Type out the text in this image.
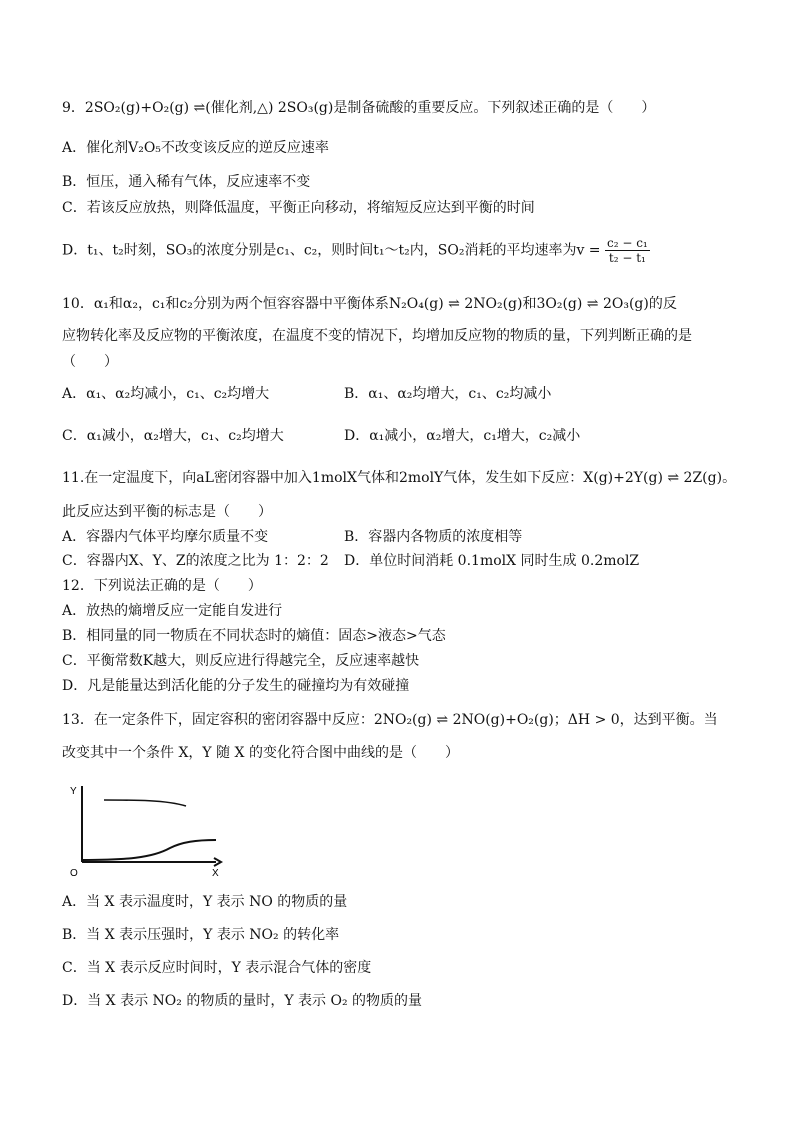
9．2SO₂(g)+O₂(g) ⇌(催化剂,△) 2SO₃(g)是制备硫酸的重要反应。下列叙述正确的是（　　）
A．催化剂V₂O₅不改变该反应的逆反应速率
B．恒压，通入稀有气体，反应速率不变
C．若该反应放热，则降低温度，平衡正向移动，将缩短反应达到平衡的时间
D．t₁、t₂时刻，SO₃的浓度分别是c₁、c₂，则时间t₁～t₂内，SO₂消耗的平均速率为$v = \frac{\text{c₂ − c₁}}{\text{t₂ − t₁}}$
10．α₁和α₂，c₁和c₂分别为两个恒容容器中平衡体系N₂O₄(g) ⇌ 2NO₂(g)和3O₂(g) ⇌ 2O₃(g)的反
应物转化率及反应物的平衡浓度，在温度不变的情况下，均增加反应物的物质的量，下列判断正确的是
（　　）
A．α₁、α₂均减小，c₁、c₂均增大	B．α₁、α₂均增大，c₁、c₂均减小
C．α₁减小，α₂增大，c₁、c₂均增大	D．α₁减小，α₂增大，c₁增大，c₂减小
11.在一定温度下，向aL密闭容器中加入1molX气体和2molY气体，发生如下反应：X(g)+2Y(g) ⇌ 2Z(g)。
此反应达到平衡的标志是（　　）
A．容器内气体平均摩尔质量不变	B．容器内各物质的浓度相等
C．容器内X、Y、Z的浓度之比为 1：2：2 D．单位时间消耗 0.1molX 同时生成 0.2molZ
12．下列说法正确的是（　　）
A．放热的熵增反应一定能自发进行
B．相同量的同一物质在不同状态时的熵值：固态>液态>气态
C．平衡常数K越大，则反应进行得越完全，反应速率越快
D．凡是能量达到活化能的分子发生的碰撞均为有效碰撞
13．在一定条件下，固定容积的密闭容器中反应：2NO₂(g) ⇌ 2NO(g)+O₂(g)；ΔH > 0，达到平衡。当
改变其中一个条件 X，Y 随 X 的变化符合图中曲线的是（　　）
Y
O	X
A．当 X 表示温度时，Y 表示 NO 的物质的量
B．当 X 表示压强时，Y 表示 NO₂ 的转化率
C．当 X 表示反应时间时，Y 表示混合气体的密度
D．当 X 表示 NO₂ 的物质的量时，Y 表示 O₂ 的物质的量
